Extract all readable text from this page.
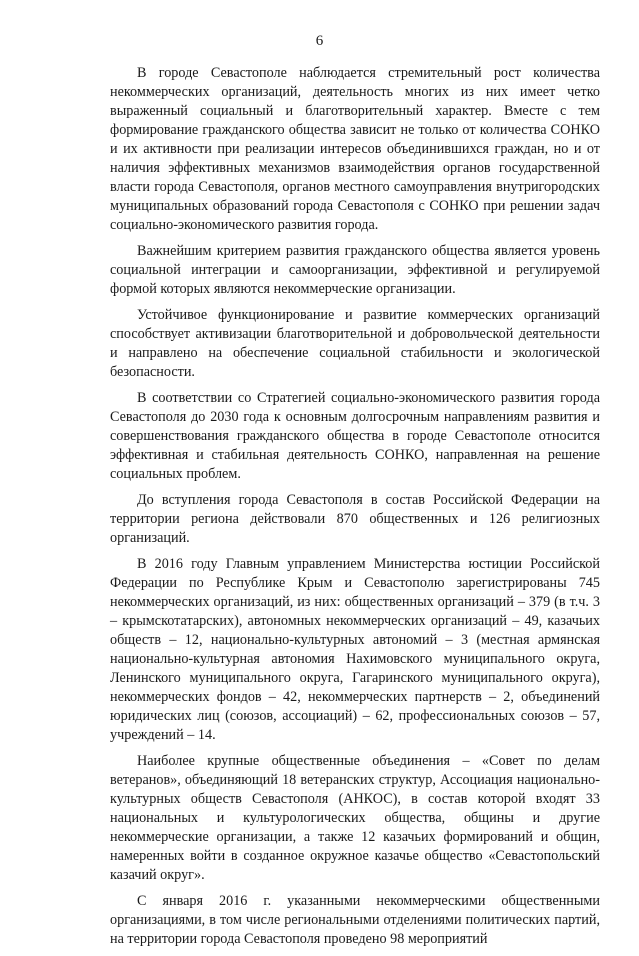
6

В городе Севастополе наблюдается стремительный рост количества некоммерческих организаций, деятельность многих из них имеет четко выраженный социальный и благотворительный характер. Вместе с тем формирование гражданского общества зависит не только от количества СОНКО и их активности при реализации интересов объединившихся граждан, но и от наличия эффективных механизмов взаимодействия органов государственной власти города Севастополя, органов местного самоуправления внутригородских муниципальных образований города Севастополя с СОНКО при решении задач социально-экономического развития города.

Важнейшим критерием развития гражданского общества является уровень социальной интеграции и самоорганизации, эффективной и регулируемой формой которых являются некоммерческие организации.

Устойчивое функционирование и развитие коммерческих организаций способствует активизации благотворительной и добровольческой деятельности и направлено на обеспечение социальной стабильности и экологической безопасности.

В соответствии со Стратегией социально-экономического развития города Севастополя до 2030 года к основным долгосрочным направлениям развития и совершенствования гражданского общества в городе Севастополе относится эффективная и стабильная деятельность СОНКО, направленная на решение социальных проблем.

До вступления города Севастополя в состав Российской Федерации на территории региона действовали 870 общественных и 126 религиозных организаций.

В 2016 году Главным управлением Министерства юстиции Российской Федерации по Республике Крым и Севастополю зарегистрированы 745 некоммерческих организаций, из них: общественных организаций – 379 (в т.ч. 3 – крымскотатарских), автономных некоммерческих организаций – 49, казачьих обществ – 12, национально-культурных автономий – 3 (местная армянская национально-культурная автономия Нахимовского муниципального округа, Ленинского муниципального округа, Гагаринского муниципального округа), некоммерческих фондов – 42, некоммерческих партнерств – 2, объединений юридических лиц (союзов, ассоциаций) – 62, профессиональных союзов – 57, учреждений – 14.

Наиболее крупные общественные объединения – «Совет по делам ветеранов», объединяющий 18 ветеранских структур, Ассоциация национально-культурных обществ Севастополя (АНКОС), в состав которой входят 33 национальных и культурологических общества, общины и другие некоммерческие организации, а также 12 казачьих формирований и общин, намеренных войти в созданное окружное казачье общество «Севастопольский казачий округ».

С января 2016 г. указанными некоммерческими общественными организациями, в том числе региональными отделениями политических партий, на территории города Севастополя проведено 98 мероприятий
